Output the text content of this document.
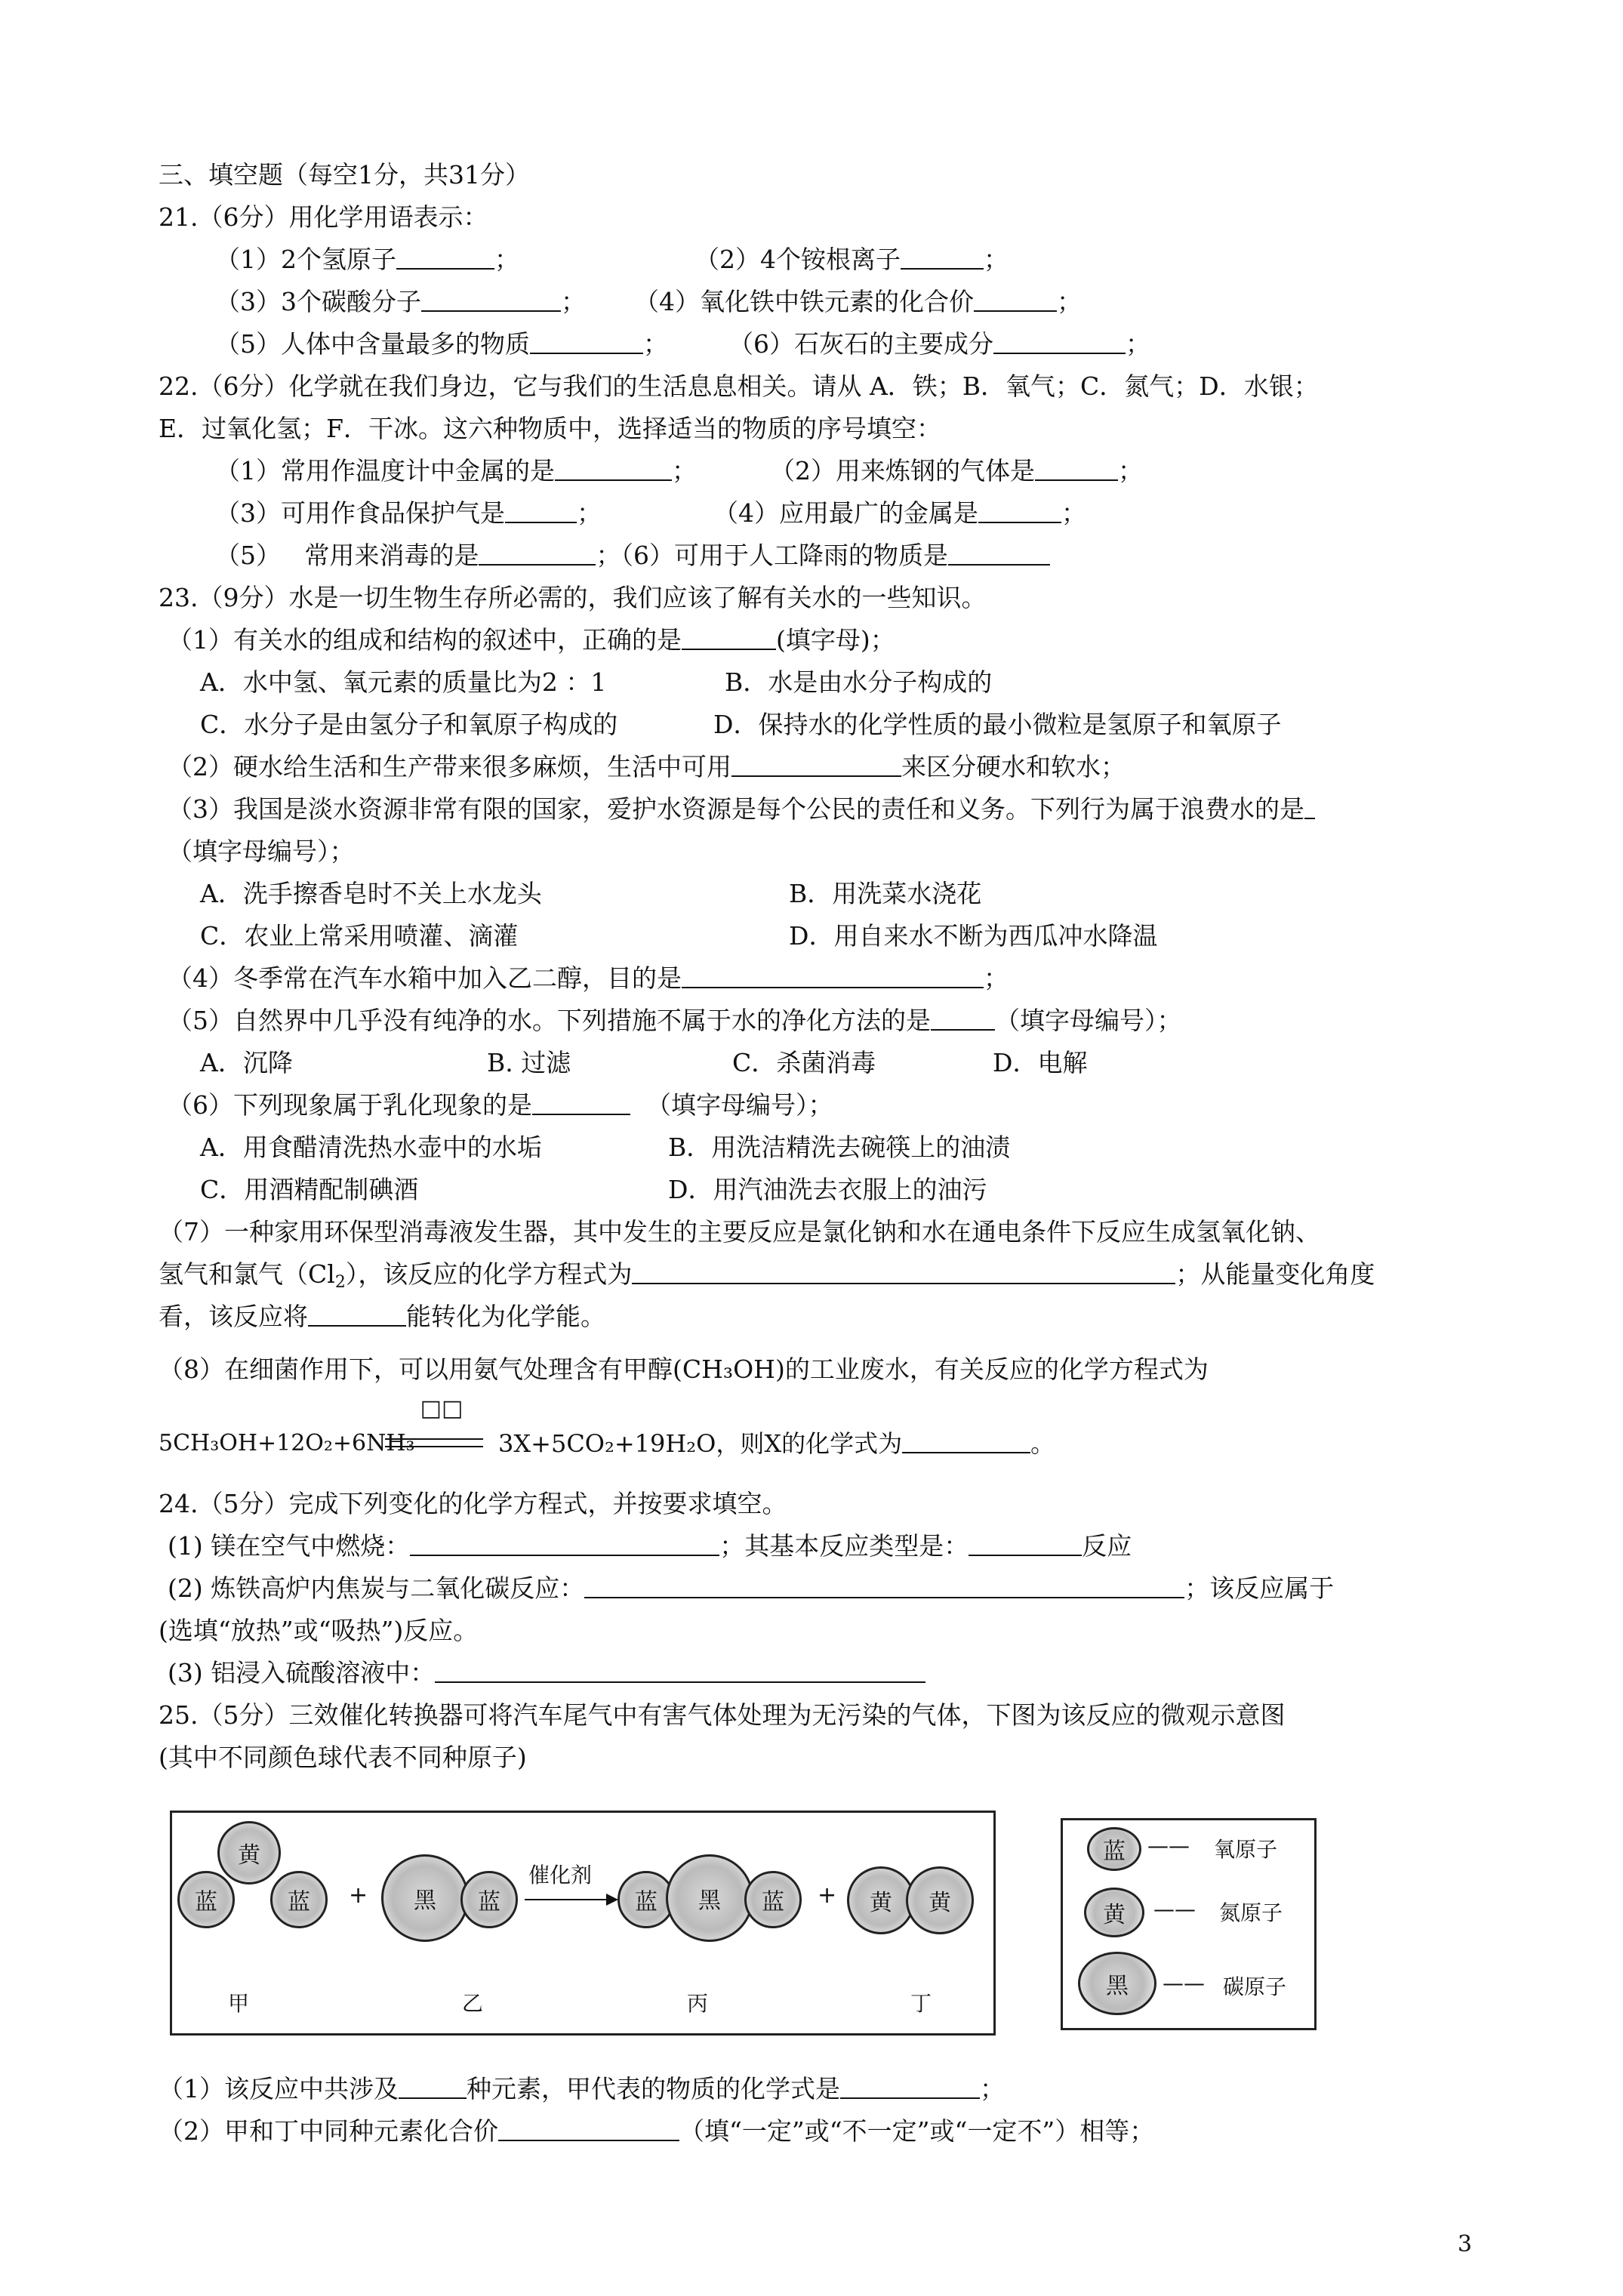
三、填空题（每空1分，共31分）
21.（6分）用化学用语表示：
（1）2个氢原子	；	（2）4个铵根离子	；
（3）3个碳酸分子	； （4）氧化铁中铁元素的化合价	；
（5）人体中含量最多的物质	； （6）石灰石的主要成分	；
22.（6分）化学就在我们身边，它与我们的生活息息相关。请从 A．铁；B．氧气；C．氮气；D．水银；
E．过氧化氢；F．干冰。这六种物质中，选择适当的物质的序号填空：
（1）常用作温度计中金属的是	；	（2）用来炼钢的气体是	；
（3）可用作食品保护气是	；	（4）应用最广的金属是	；
（5）   常用来消毒的是	；（6）可用于人工降雨的物质是
23.（9分）水是一切生物生存所必需的，我们应该了解有关水的一些知识。
（1）有关水的组成和结构的叙述中，正确的是	(填字母)；
A．水中氢、氧元素的质量比为2 ：1	B．水是由水分子构成的
C．水分子是由氢分子和氧原子构成的	D．保持水的化学性质的最小微粒是氢原子和氧原子
（2）硬水给生活和生产带来很多麻烦，生活中可用	来区分硬水和软水；
（3）我国是淡水资源非常有限的国家，爱护水资源是每个公民的责任和义务。下列行为属于浪费水的是
（填字母编号）；
A．洗手擦香皂时不关上水龙头	B．用洗菜水浇花
C．农业上常采用喷灌、滴灌	D．用自来水不断为西瓜冲水降温
（4）冬季常在汽车水箱中加入乙二醇，目的是	；
（5）自然界中几乎没有纯净的水。下列措施不属于水的净化方法的是	（填字母编号）；
A．沉降	B. 过滤	C．杀菌消毒	D．电解
（6）下列现象属于乳化现象的是	（填字母编号）；
A．用食醋清洗热水壶中的水垢	B．用洗洁精洗去碗筷上的油渍
C．用酒精配制碘酒	D．用汽油洗去衣服上的油污
（7）一种家用环保型消毒液发生器，其中发生的主要反应是氯化钠和水在通电条件下反应生成氢氧化钠、
氢气和氯气$(Cl_2)$，该反应的化学方程式为	；从能量变化角度
看，该反应将	能转化为化学能。
（8）在细菌作用下，可以用氨气处理含有甲醇(CH₃OH)的工业废水，有关反应的化学方程式为
5CH₃OH+12O₂+6NH₃
□□
3X+5CO₂+19H₂O，则X的化学式为	。
24.（5分）完成下列变化的化学方程式，并按要求填空。
(1) 镁在空气中燃烧：	；其基本反应类型是：	反应
(2) 炼铁高炉内焦炭与二氧化碳反应：	；该反应属于
(选填“放热”或“吸热”)反应。
(3) 铝浸入硫酸溶液中：
25.（5分）三效催化转换器可将汽车尾气中有害气体处理为无污染的气体，下图为该反应的微观示意图
(其中不同颜色球代表不同种原子)
黄
蓝	蓝	+	黑	蓝
催化剂
蓝	黑	蓝	+	黄	黄
甲	乙	丙	丁
蓝	—— 氧原子
黄	—— 氮原子
黑	—— 碳原子
（1）该反应中共涉及	种元素，甲代表的物质的化学式是	；
（2）甲和丁中同种元素化合价	（填“一定”或“不一定”或“一定不”）相等；
3
